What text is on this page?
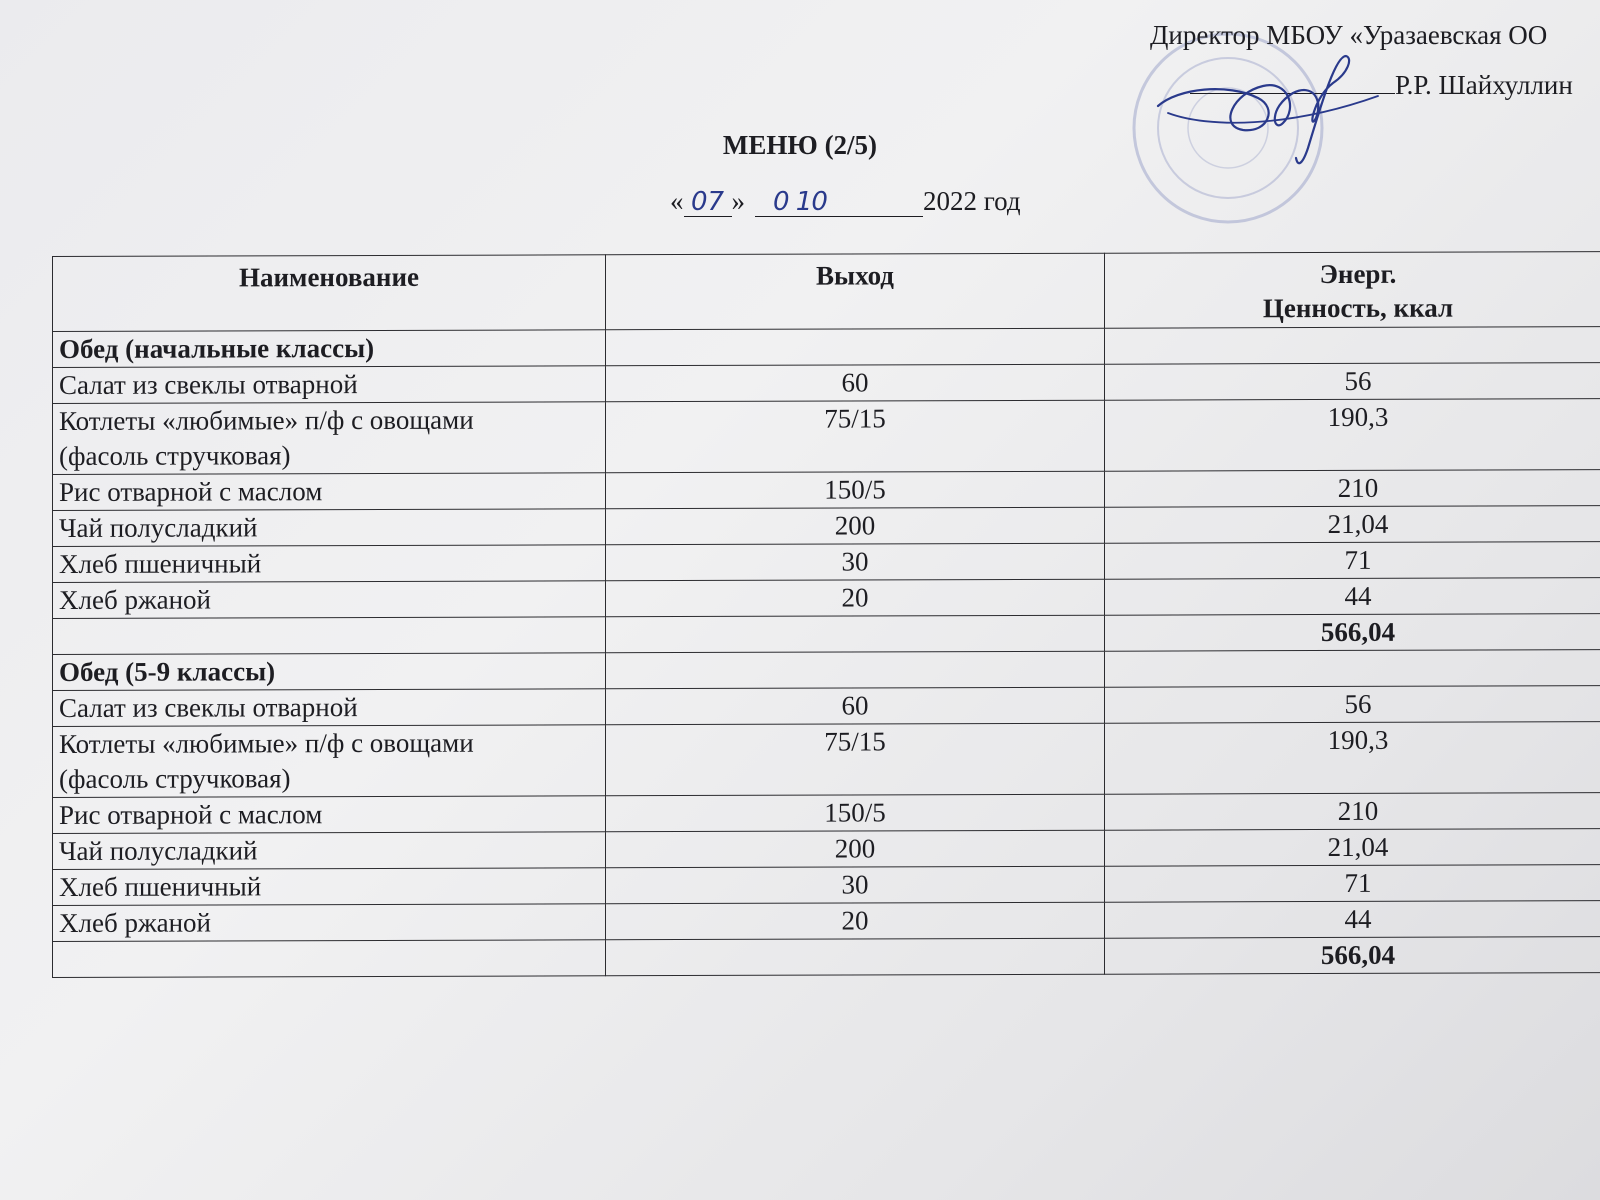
Директор МБОУ «Уразаевская ОО
Р.Р. Шайхуллин
МЕНЮ (2/5)
« 07 » 0 10	2022 год
Наименование	Выход	Энерг.
Ценность, ккал
Обед (начальные классы)		
Салат из свеклы отварной	60	56
Котлеты «любимые» п/ф с овощами
(фасоль стручковая)	75/15	190,3
Рис отварной с маслом	150/5	210
Чай полусладкий	200	21,04
Хлеб пшеничный	30	71
Хлеб ржаной	20	44
		566,04
Обед (5-9 классы)		
Салат из свеклы отварной	60	56
Котлеты «любимые» п/ф с овощами
(фасоль стручковая)	75/15	190,3
Рис отварной с маслом	150/5	210
Чай полусладкий	200	21,04
Хлеб пшеничный	30	71
Хлеб ржаной	20	44
		566,04
